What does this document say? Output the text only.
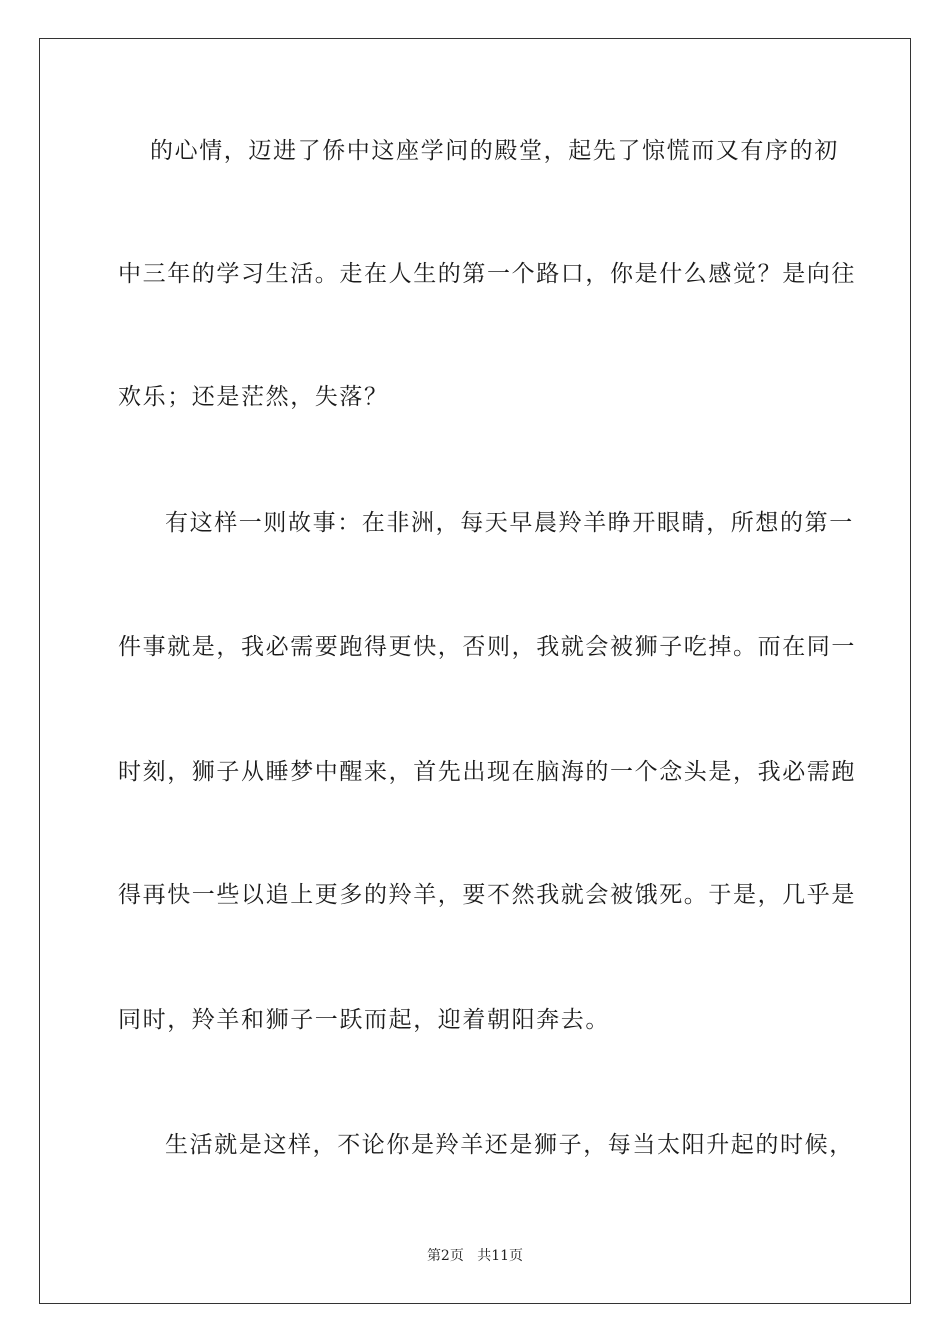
的心情，迈进了侨中这座学问的殿堂，起先了惊慌而又有序的初
中三年的学习生活。走在人生的第一个路口，你是什么感觉？是向往
欢乐；还是茫然，失落？
有这样一则故事：在非洲，每天早晨羚羊睁开眼睛，所想的第一
件事就是，我必需要跑得更快，否则，我就会被狮子吃掉。而在同一
时刻，狮子从睡梦中醒来，首先出现在脑海的一个念头是，我必需跑
得再快一些以追上更多的羚羊，要不然我就会被饿死。于是，几乎是
同时，羚羊和狮子一跃而起，迎着朝阳奔去。
生活就是这样，不论你是羚羊还是狮子，每当太阳升起的时候，
第2页 共11页
